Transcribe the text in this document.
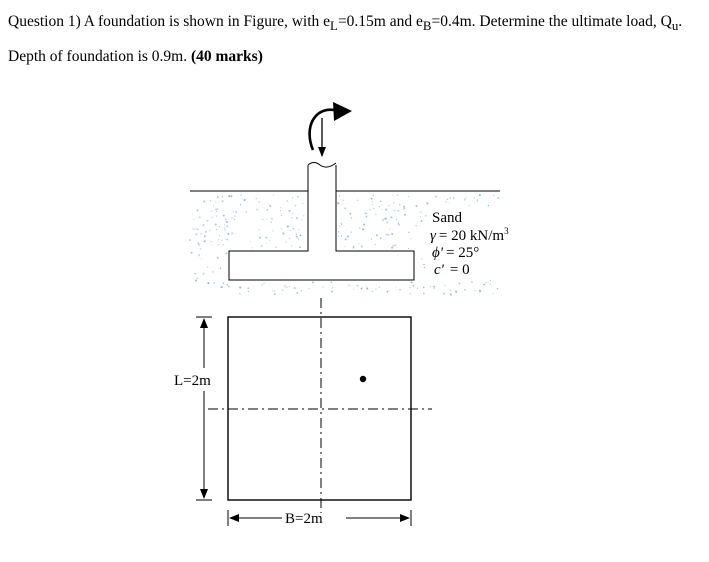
Question 1) A foundation is shown in Figure, with $e_L=0.15m$ and $e_B=0.4m$. Determine the ultimate load, $Q_u$. Depth of foundation is 0.9m. (40 marks)

Sand
γ = 20 $kN/m^3$
ϕ' = 25°
c' = 0
L=2m
B=2m
